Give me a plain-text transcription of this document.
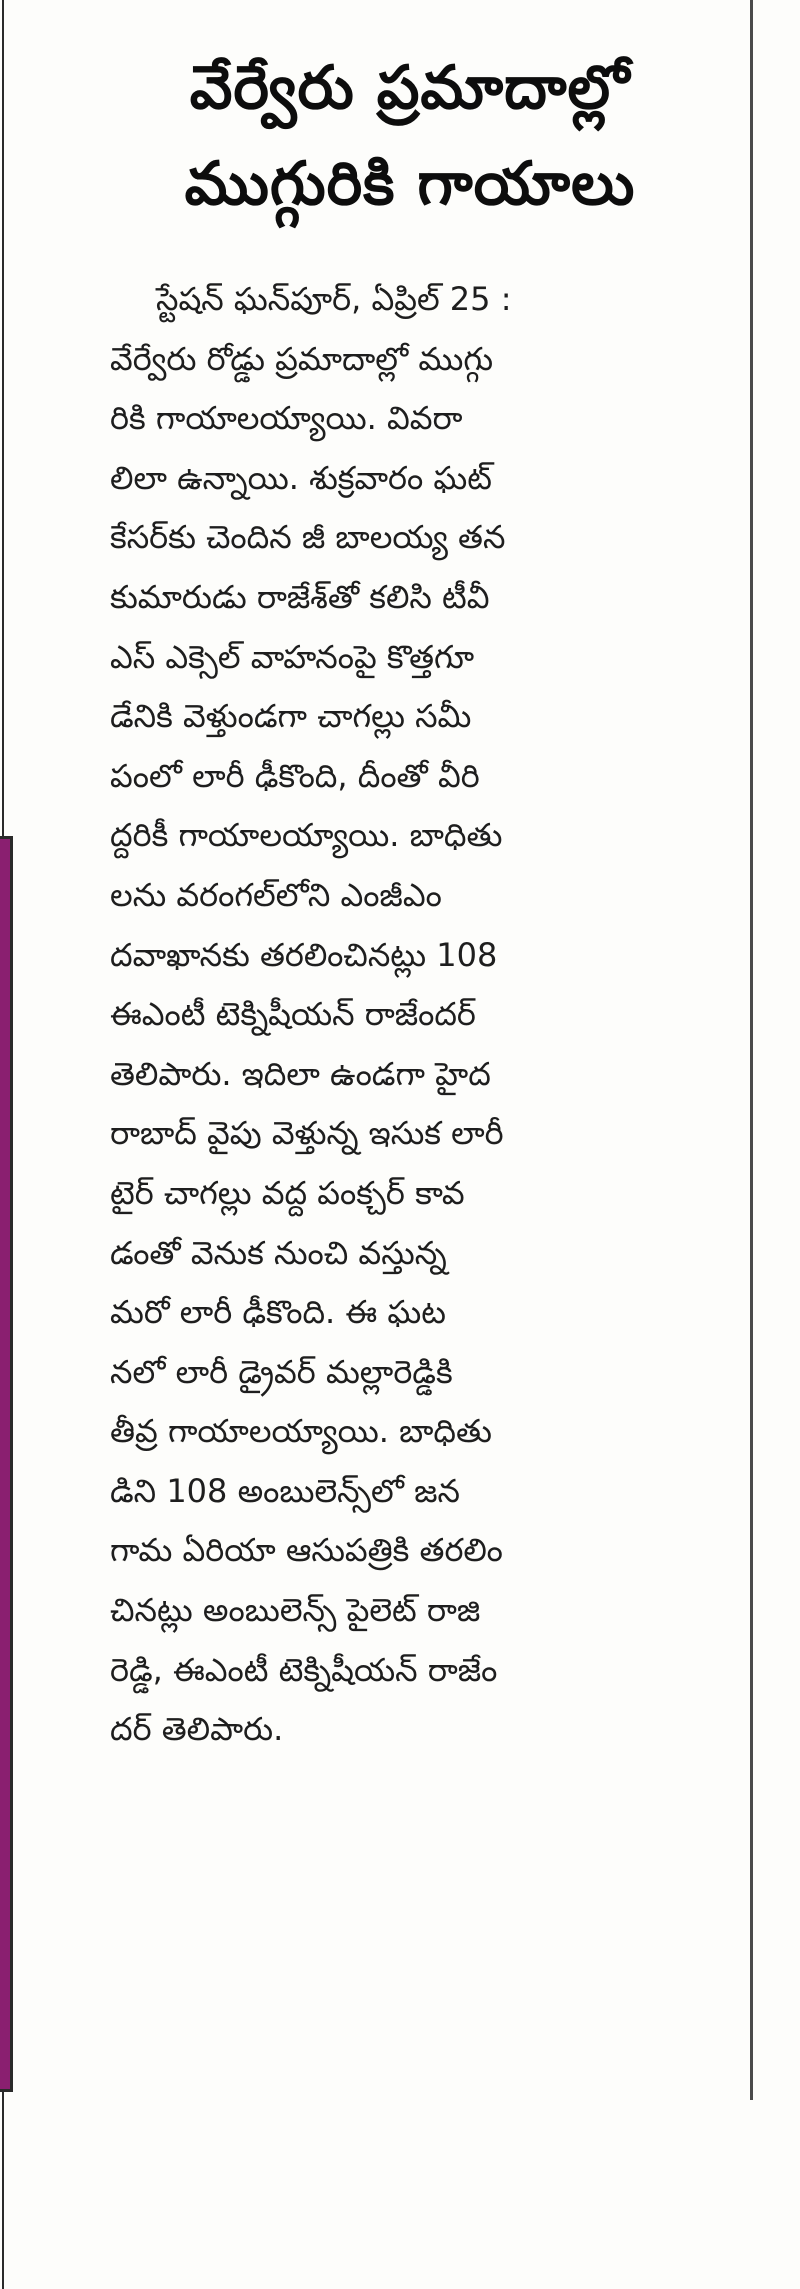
వేర్వేరు ప్రమాదాల్లో
ముగ్గురికి గాయాలు
స్టేషన్ ఘన్‌పూర్, ఏప్రిల్ 25 :
వేర్వేరు రోడ్డు ప్రమాదాల్లో ముగ్గు
రికి గాయాలయ్యాయి. వివరా
లిలా ఉన్నాయి. శుక్రవారం ఘట్
కేసర్‌కు చెందిన జీ బాలయ్య తన
కుమారుడు రాజేశ్‌తో కలిసి టీవీ
ఎస్ ఎక్సెల్ వాహనంపై కొత్తగూ
డేనికి వెళ్తుండగా చాగల్లు సమీ
పంలో లారీ ఢీకొంది, దీంతో వీరి
ద్దరికీ గాయాలయ్యాయి. బాధితు
లను వరంగల్‌లోని ఎంజీఎం
దవాఖానకు తరలించినట్లు 108
ఈఎంటీ టెక్నిషీయన్ రాజేందర్
తెలిపారు. ఇదిలా ఉండగా హైద
రాబాద్ వైపు వెళ్తున్న ఇసుక లారీ
టైర్ చాగల్లు వద్ద పంక్చర్ కావ
డంతో వెనుక నుంచి వస్తున్న
మరో లారీ ఢీకొంది. ఈ ఘట
నలో లారీ డ్రైవర్ మల్లారెడ్డికి
తీవ్ర గాయాలయ్యాయి. బాధితు
డిని 108 అంబులెన్స్‌లో జన
గామ ఏరియా ఆసుపత్రికి తరలిం
చినట్లు అంబులెన్స్ పైలెట్ రాజి
రెడ్డి, ఈఎంటీ టెక్నిషీయన్ రాజేం
దర్ తెలిపారు.
